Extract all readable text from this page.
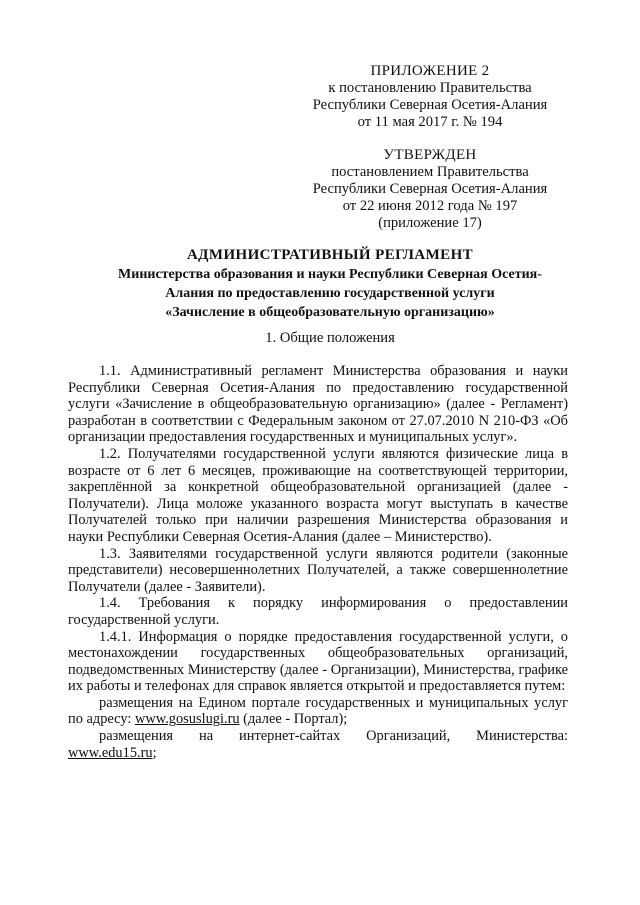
ПРИЛОЖЕНИЕ 2
к постановлению Правительства
Республики Северная Осетия-Алания
от 11 мая 2017 г. № 194
УТВЕРЖДЕН
постановлением Правительства
Республики Северная Осетия-Алания
от 22 июня 2012 года № 197
(приложение 17)
АДМИНИСТРАТИВНЫЙ РЕГЛАМЕНТ
Министерства образования и науки Республики Северная Осетия-
Алания по предоставлению государственной услуги
«Зачисление в общеобразовательную организацию»
1. Общие положения

1.1. Административный регламент Министерства образования и науки Республики Северная Осетия-Алания по предоставлению государственной услуги «Зачисление в общеобразовательную организацию» (далее - Регламент) разработан в соответствии с Федеральным законом от 27.07.2010 N 210-ФЗ «Об организации предоставления государственных и муниципальных услуг».

1.2. Получателями государственной услуги являются физические лица в возрасте от 6 лет 6 месяцев, проживающие на соответствующей территории, закреплённой за конкретной общеобразовательной организацией (далее - Получатели). Лица моложе указанного возраста могут выступать в качестве Получателей только при наличии разрешения Министерства образования и науки Республики Северная Осетия-Алания (далее – Министерство).

1.3. Заявителями государственной услуги являются родители (законные представители) несовершеннолетних Получателей, а также совершеннолетние Получатели (далее - Заявители).

1.4. Требования к порядку информирования о предоставлении государственной услуги.

1.4.1. Информация о порядке предоставления государственной услуги, о местонахождении государственных общеобразовательных организаций, подведомственных Министерству (далее - Организации), Министерства, графике их работы и телефонах для справок является открытой и предоставляется путем:

размещения на Едином портале государственных и муниципальных услуг по адресу: www.gosuslugi.ru (далее - Портал);

размещения на интернет-сайтах Организаций, Министерства: www.edu15.ru;
